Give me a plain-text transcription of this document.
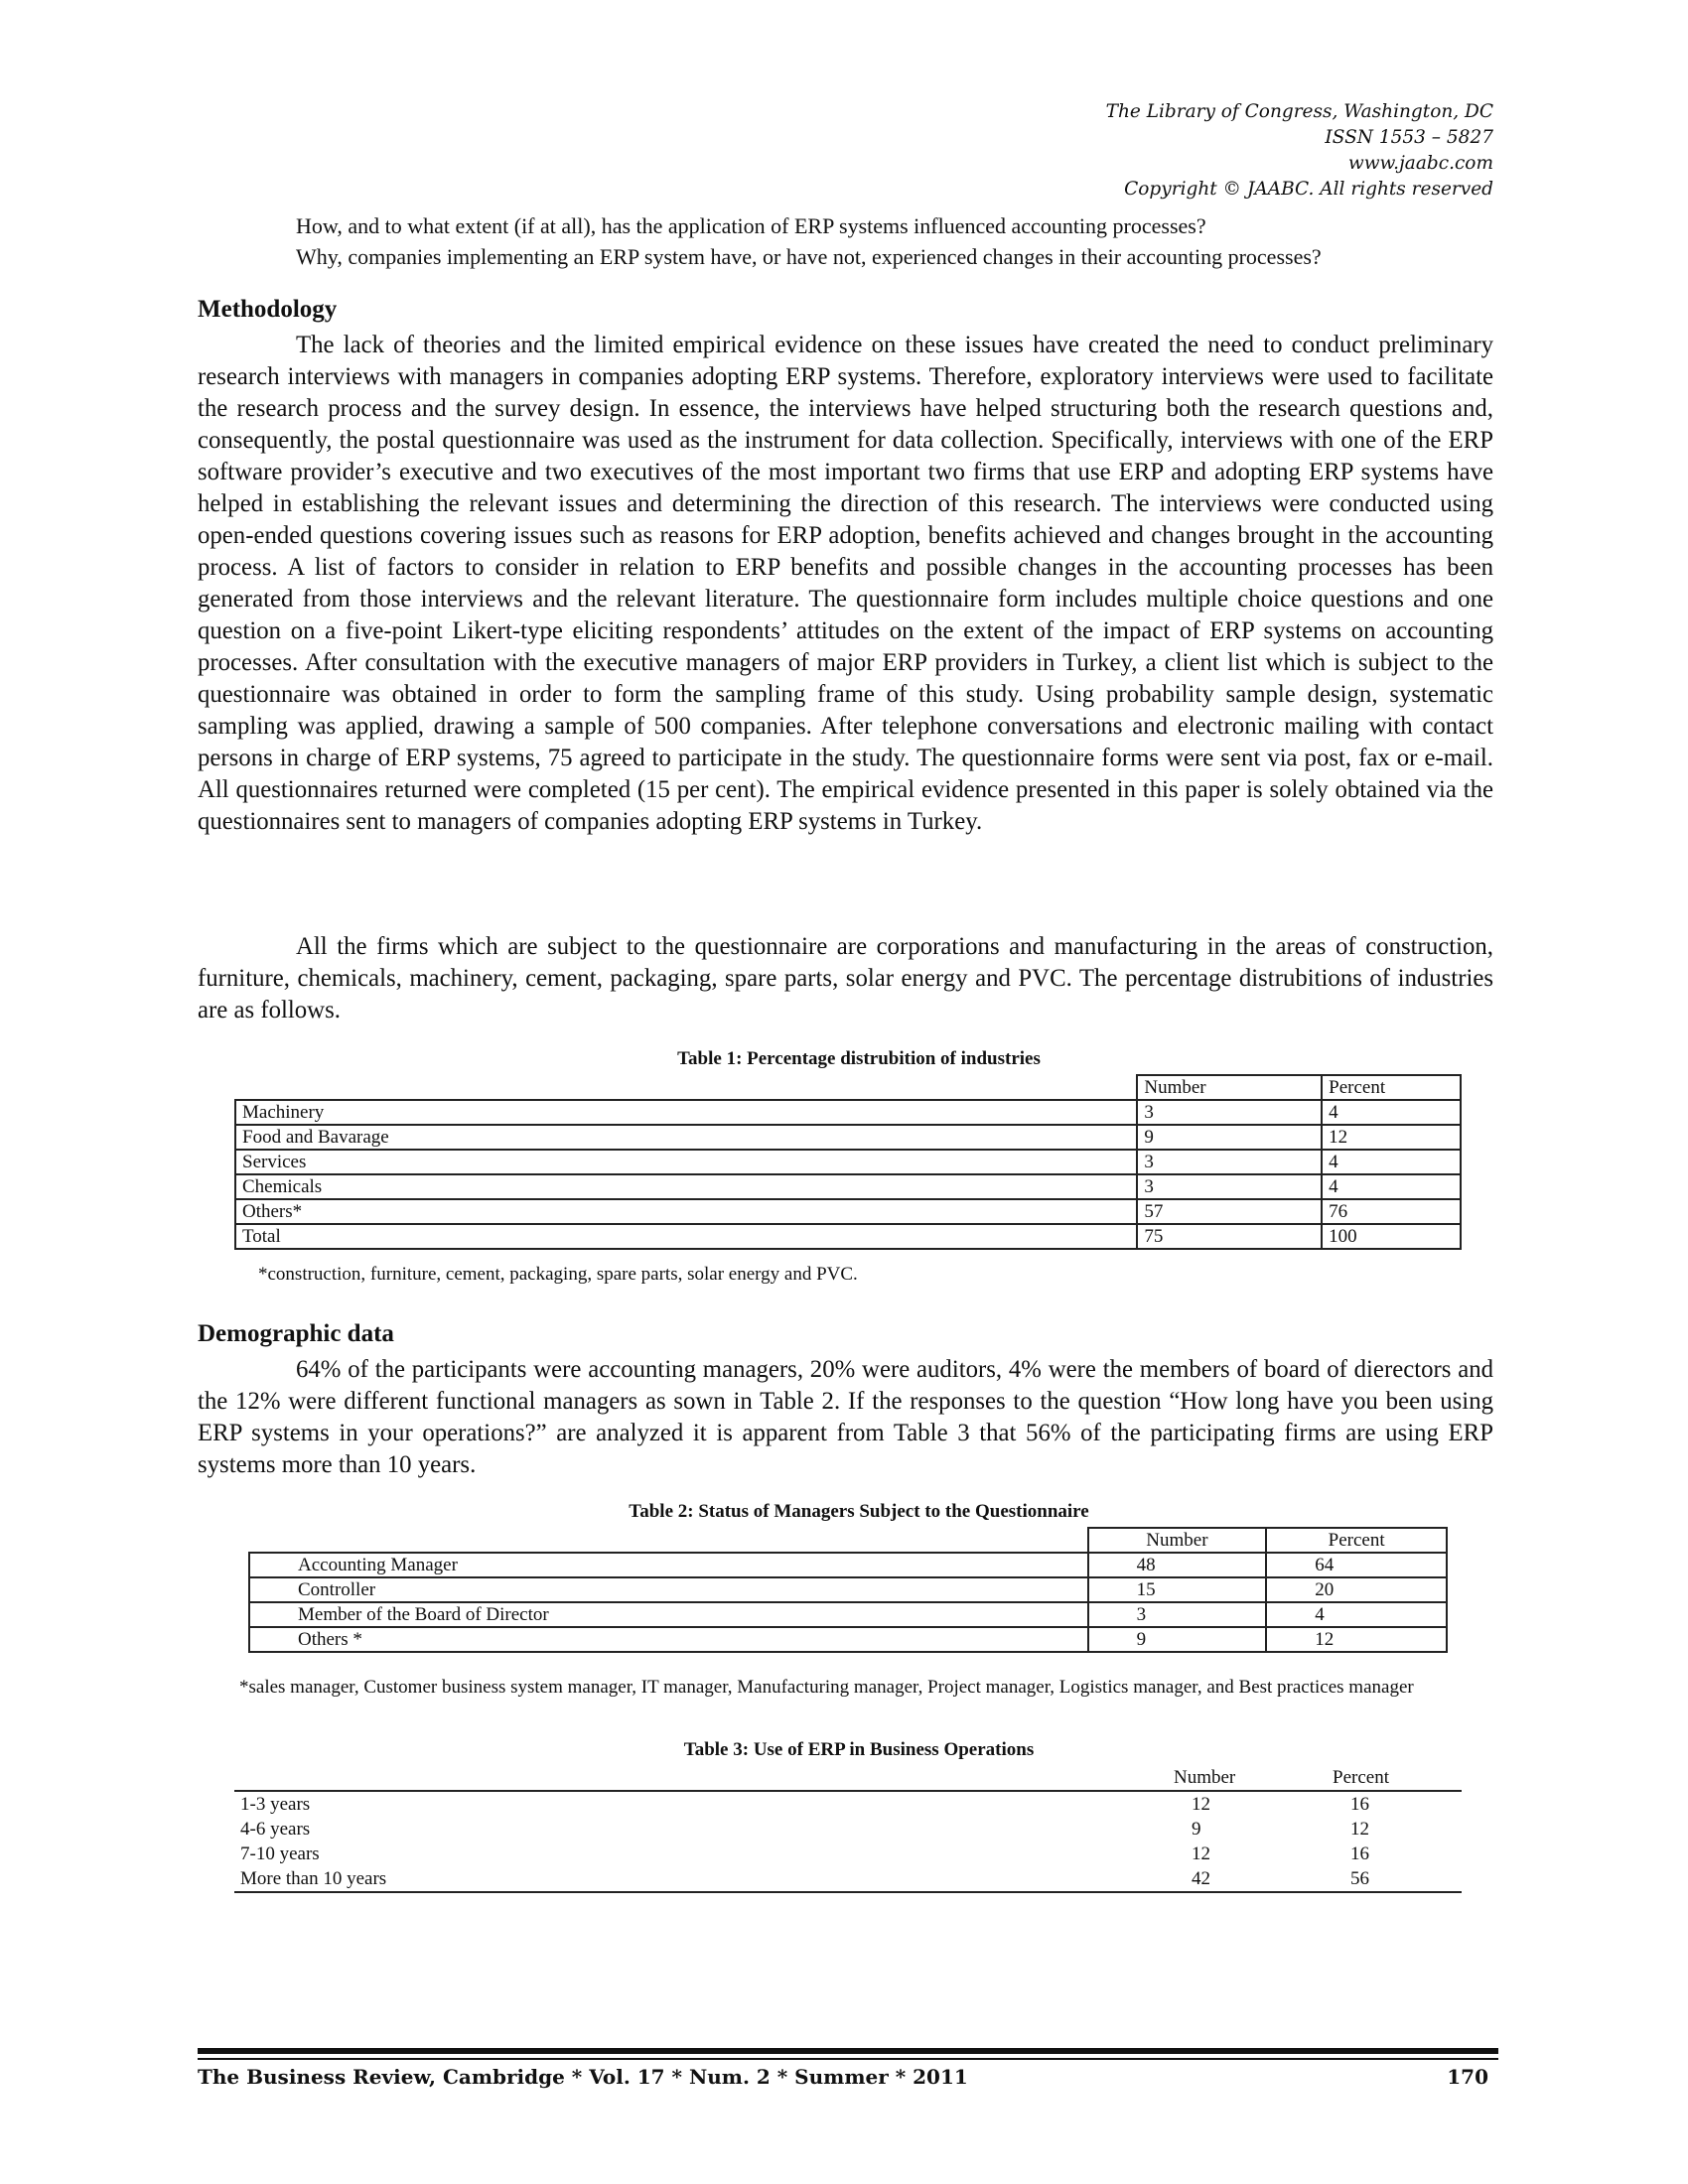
The Library of Congress, Washington, DC
ISSN 1553 – 5827
www.jaabc.com
Copyright © JAABC. All rights reserved
How, and to what extent (if at all), has the application of ERP systems influenced accounting processes?
Why, companies implementing an ERP system have, or have not, experienced changes in their accounting processes?
Methodology

The lack of theories and the limited empirical evidence on these issues have created the need to conduct preliminary research interviews with managers in companies adopting ERP systems. Therefore, exploratory interviews were used to facilitate the research process and the survey design. In essence, the interviews have helped structuring both the research questions and, consequently, the postal questionnaire was used as the instrument for data collection. Specifically, interviews with one of the ERP software provider’s executive and two executives of the most important two firms that use ERP and adopting ERP systems have helped in establishing the relevant issues and determining the direction of this research. The interviews were conducted using open-ended questions covering issues such as reasons for ERP adoption, benefits achieved and changes brought in the accounting process. A list of factors to consider in relation to ERP benefits and possible changes in the accounting processes has been generated from those interviews and the relevant literature. The questionnaire form includes multiple choice questions and one question on a five-point Likert-type eliciting respondents’ attitudes on the extent of the impact of ERP systems on accounting processes. After consultation with the executive managers of major ERP providers in Turkey, a client list which is subject to the questionnaire was obtained in order to form the sampling frame of this study. Using probability sample design, systematic sampling was applied, drawing a sample of 500 companies. After telephone conversations and electronic mailing with contact persons in charge of ERP systems, 75 agreed to participate in the study. The questionnaire forms were sent via post, fax or e-mail. All questionnaires returned were completed (15 per cent). The empirical evidence presented in this paper is solely obtained via the questionnaires sent to managers of companies adopting ERP systems in Turkey.

All the firms which are subject to the questionnaire are corporations and manufacturing in the areas of construction, furniture, chemicals, machinery, cement, packaging, spare parts, solar energy and PVC. The percentage distrubitions of industries are as follows.

Table 1: Percentage distrubition of industries
	Number	Percent
Machinery	3	4
Food and Bavarage	9	12
Services	3	4
Chemicals	3	4
Others*	57	76
Total	75	100
*construction, furniture, cement, packaging, spare parts, solar energy and PVC.
Demographic data

64% of the participants were accounting managers, 20% were auditors, 4% were the members of board of dierectors and the 12% were different functional managers as sown in Table 2. If the responses to the question “How long have you been using ERP systems in your operations?” are analyzed it is apparent from Table 3 that 56% of the participating firms are using ERP systems more than 10 years.

Table 2: Status of Managers Subject to the Questionnaire
	Number	Percent
Accounting Manager	48	64
Controller	15	20
Member of the Board of Director	3	4
Others *	9	12
*sales manager, Customer business system manager, IT manager, Manufacturing manager, Project manager, Logistics manager, and Best practices manager
Table 3: Use of ERP in Business Operations
	Number	Percent
1-3 years	12	16
4-6 years	9	12
7-10 years	12	16
More than 10 years	42	56
The Business Review, Cambridge * Vol. 17 * Num. 2 * Summer * 2011	170
